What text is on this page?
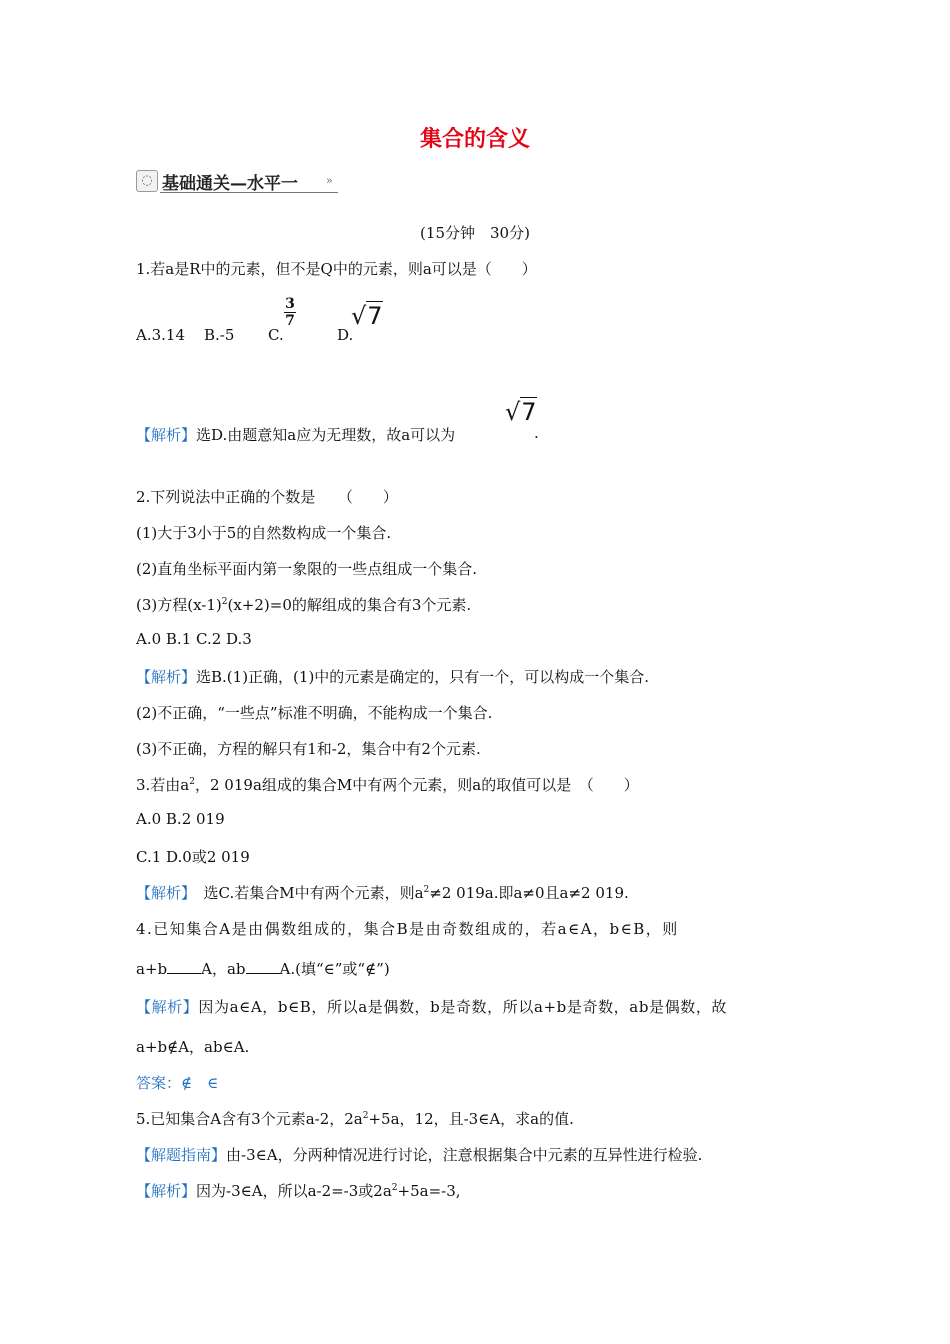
集合的含义
◌ 基础通关—水平一	»
(15分钟　30分)
1.若a是R中的元素，但不是Q中的元素，则a可以是（　　）
A.3.14 B.-5 C.
3
7
D.
√7
【解析】选D.由题意知a应为无理数，故a可以为
√7
.
2.下列说法中正确的个数是　　（　　）
(1)大于3小于5的自然数构成一个集合.
(2)直角坐标平面内第一象限的一些点组成一个集合.
(3)方程$(x-1)^2(x+2)=0$的解组成的集合有3个元素.
A.0 B.1 C.2 D.3
【解析】选B.(1)正确，(1)中的元素是确定的，只有一个，可以构成一个集合.
(2)不正确，“一些点”标准不明确，不能构成一个集合.
(3)不正确，方程的解只有1和-2，集合中有2个元素.
3.若由$a^2$，2 019a组成的集合M中有两个元素，则a的取值可以是　（　　）
A.0 B.2 019
C.1 D.0或2 019
【解析】　选C.若集合M中有两个元素，则$a^2\ne 2$ 019a.即a≠0且a≠2 019.
4.已知集合A是由偶数组成的，集合B是由奇数组成的，若a∈A，b∈B，则
a+b A，ab A.(填“∈”或“∉”)
【解析】因为a∈A，b∈B，所以a是偶数，b是奇数，所以a+b是奇数，ab是偶数，故
a+b∉A，ab∈A.
答案：∉　∈
5.已知集合A含有3个元素a-2，$2a^2+5a$，12，且-3∈A，求a的值.
【解题指南】由-3∈A，分两种情况进行讨论，注意根据集合中元素的互异性进行检验.
【解析】因为-3∈A，所以a-2=-3或$2a^2+5a=-3$,
